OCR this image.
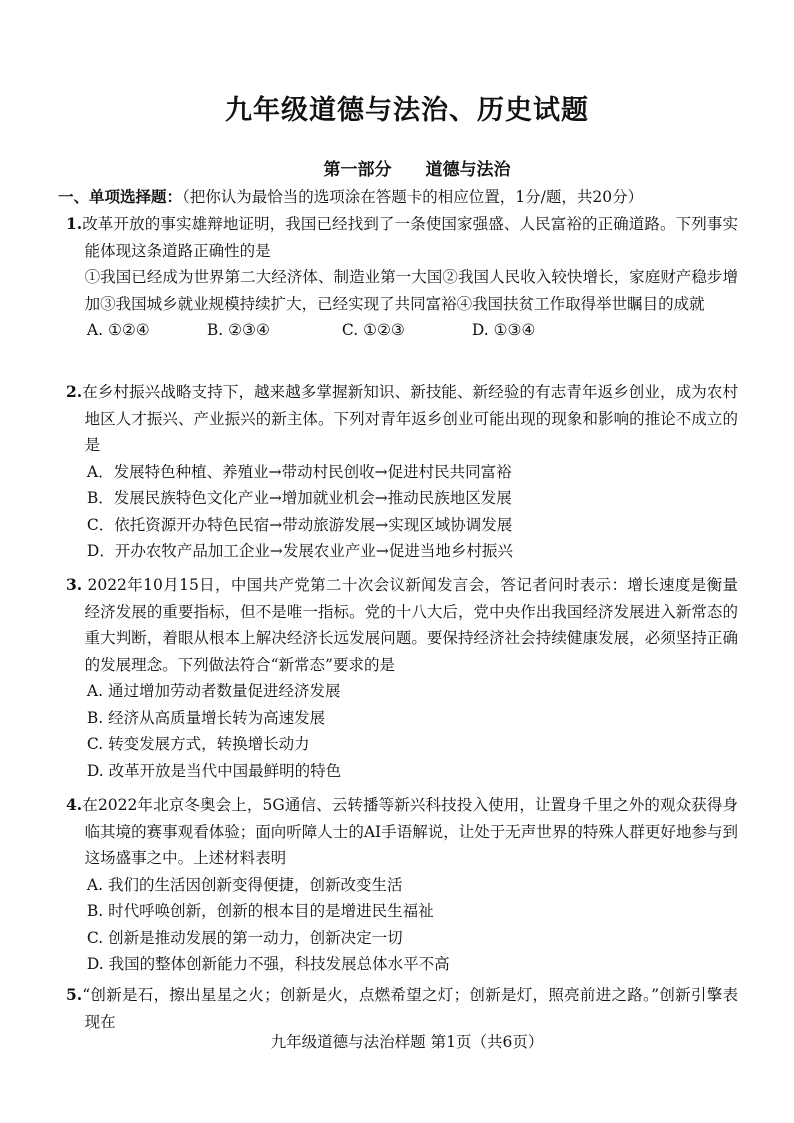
九年级道德与法治、历史试题
第一部分 道德与法治
一、单项选择题：（把你认为最恰当的选项涂在答题卡的相应位置，1分/题，共20分）
1.改革开放的事实雄辩地证明，我国已经找到了一条使国家强盛、人民富裕的正确道路。下列事实能体现这条道路正确性的是
①我国已经成为世界第二大经济体、制造业第一大国②我国人民收入较快增长，家庭财产稳步增加③我国城乡就业规模持续扩大，已经实现了共同富裕④我国扶贫工作取得举世瞩目的成就
A. ①②④	B. ②③④	C. ①②③	D. ①③④
2.在乡村振兴战略支持下，越来越多掌握新知识、新技能、新经验的有志青年返乡创业，成为农村地区人才振兴、产业振兴的新主体。下列对青年返乡创业可能出现的现象和影响的推论不成立的是
A．发展特色种植、养殖业→带动村民创收→促进村民共同富裕
B．发展民族特色文化产业→增加就业机会→推动民族地区发展
C．依托资源开办特色民宿→带动旅游发展→实现区域协调发展
D．开办农牧产品加工企业→发展农业产业→促进当地乡村振兴
3. 2022年10月15日，中国共产党第二十次会议新闻发言会，答记者问时表示：增长速度是衡量经济发展的重要指标，但不是唯一指标。党的十八大后，党中央作出我国经济发展进入新常态的重大判断，着眼从根本上解决经济长远发展问题。要保持经济社会持续健康发展，必须坚持正确的发展理念。下列做法符合“新常态”要求的是
A. 通过增加劳动者数量促进经济发展
B. 经济从高质量增长转为高速发展
C. 转变发展方式，转换增长动力
D. 改革开放是当代中国最鲜明的特色
4.在2022年北京冬奥会上，5G通信、云转播等新兴科技投入使用，让置身千里之外的观众获得身临其境的赛事观看体验；面向听障人士的AI手语解说，让处于无声世界的特殊人群更好地参与到这场盛事之中。上述材料表明
A. 我们的生活因创新变得便捷，创新改变生活
B. 时代呼唤创新，创新的根本目的是增进民生福祉
C. 创新是推动发展的第一动力，创新决定一切
D. 我国的整体创新能力不强，科技发展总体水平不高
5.“创新是石，擦出星星之火；创新是火，点燃希望之灯；创新是灯，照亮前进之路。”创新引擎表现在
九年级道德与法治样题 第1页（共6页）
